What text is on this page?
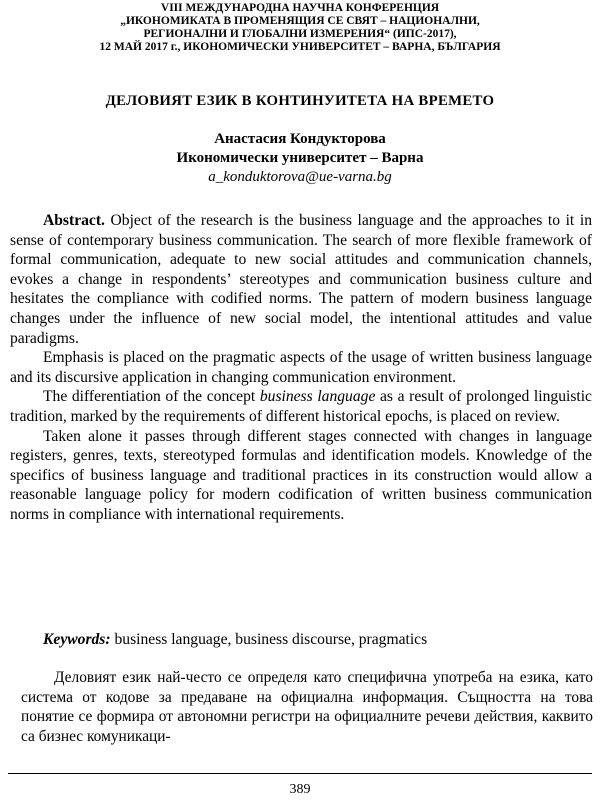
VIII МЕЖДУНАРОДНА НАУЧНА КОНФЕРЕНЦИЯ
„ИКОНОМИКАТА В ПРОМЕНЯЩИЯ СЕ СВЯТ – НАЦИОНАЛНИ,
РЕГИОНАЛНИ И ГЛОБАЛНИ ИЗМЕРЕНИЯ“ (ИПС-2017),
12 МАЙ 2017 г., ИКОНОМИЧЕСКИ УНИВЕРСИТЕТ – ВАРНА, БЪЛГАРИЯ
ДЕЛОВИЯТ ЕЗИК В КОНТИНУИТЕТА НА ВРЕМЕТО
Анастасия Кондукторова
Икономически университет – Варна
a_konduktorova@ue-varna.bg

Abstract. Object of the research is the business language and the approaches to it in sense of contemporary business communication. The search of more flexible framework of formal communication, adequate to new social attitudes and communication channels, evokes a change in respondents’ stereotypes and communication business culture and hesitates the compliance with codified norms. The pattern of modern business language changes under the influence of new social model, the intentional attitudes and value paradigms.

Emphasis is placed on the pragmatic aspects of the usage of written business language and its discursive application in changing communication environment.

The differentiation of the concept business language as a result of prolonged linguistic tradition, marked by the requirements of different historical epochs, is placed on review.

Taken alone it passes through different stages connected with changes in language registers, genres, texts, stereotyped formulas and identification models. Knowledge of the specifics of business language and traditional practices in its construction would allow a reasonable language policy for modern codification of written business communication norms in compliance with international requirements.

Keywords: business language, business discourse, pragmatics

Деловият език най-често се определя като специфична употреба на езика, като система от кодове за предаване на официална информация. Същността на това понятие се формира от автономни регистри на официалните речеви действия, каквито са бизнес комуникаци-

389
